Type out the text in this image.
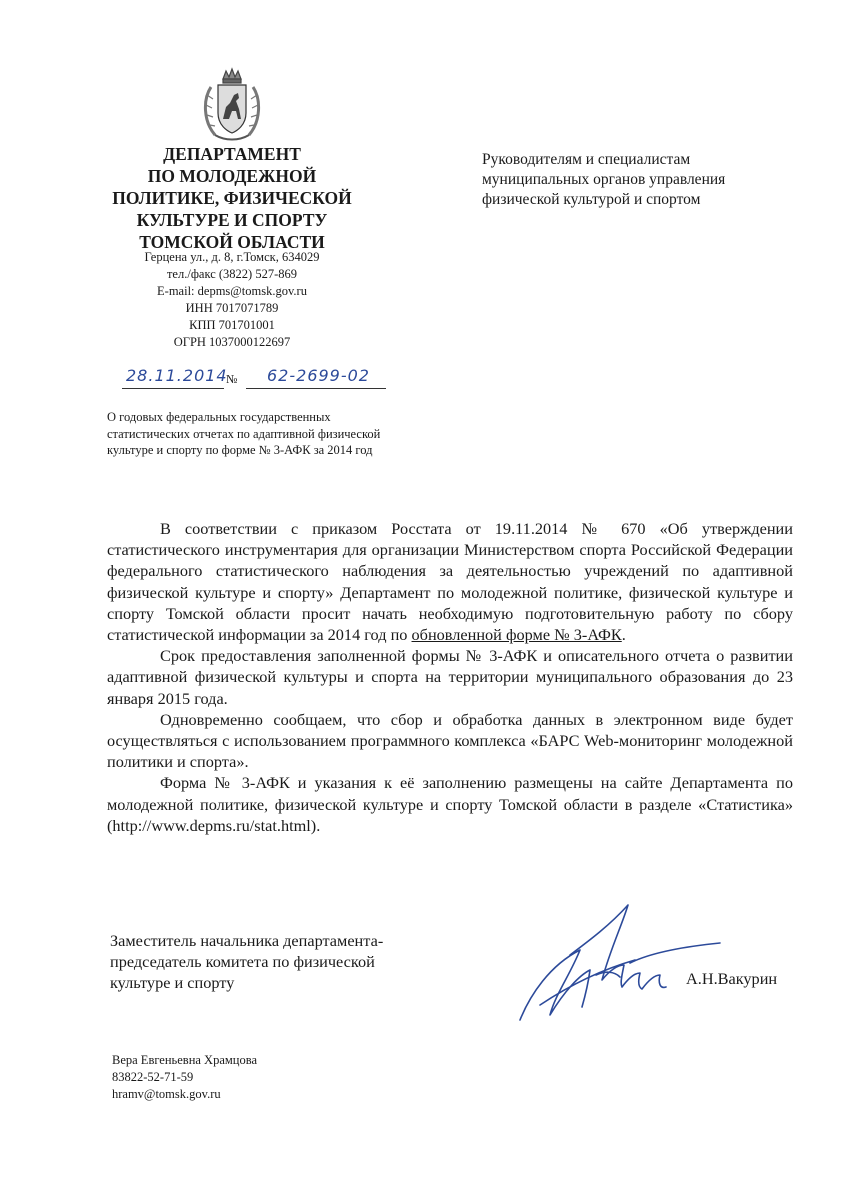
ДЕПАРТАМЕНТ
ПО МОЛОДЕЖНОЙ
ПОЛИТИКЕ, ФИЗИЧЕСКОЙ
КУЛЬТУРЕ И СПОРТУ
ТОМСКОЙ ОБЛАСТИ
Герцена ул., д. 8, г.Томск, 634029
тел./факс (3822) 527-869
E-mail: depms@tomsk.gov.ru
ИНН 7017071789
КПП 701701001
ОГРН 1037000122697
28.11.2014
№ 62-2699-02
О годовых федеральных государственных
статистических отчетах по адаптивной физической
культуре и спорту по форме № 3-АФК за 2014 год
Руководителям и специалистам
муниципальных органов управления
физической культурой и спортом

В соответствии с приказом Росстата от 19.11.2014 № 670 «Об утверждении статистического инструментария для организации Министерством спорта Российской Федерации федерального статистического наблюдения за деятельностью учреждений по адаптивной физической культуре и спорту» Департамент по молодежной политике, физической культуре и спорту Томской области просит начать необходимую подготовительную работу по сбору статистической информации за 2014 год по обновленной форме № 3-АФК.

Срок предоставления заполненной формы № 3-АФК и описательного отчета о развитии адаптивной физической культуры и спорта на территории муниципального образования до 23 января 2015 года.

Одновременно сообщаем, что сбор и обработка данных в электронном виде будет осуществляться с использованием программного комплекса «БАРС Web-мониторинг молодежной политики и спорта».

Форма № 3-АФК и указания к её заполнению размещены на сайте Департамента по молодежной политике, физической культуре и спорту Томской области в разделе «Статистика» (http://www.depms.ru/stat.html).

Заместитель начальника департамента-
председатель комитета по физической
культуре и спорту	А.Н.Вакурин
Вера Евгеньевна Храмцова
83822-52-71-59
hramv@tomsk.gov.ru
